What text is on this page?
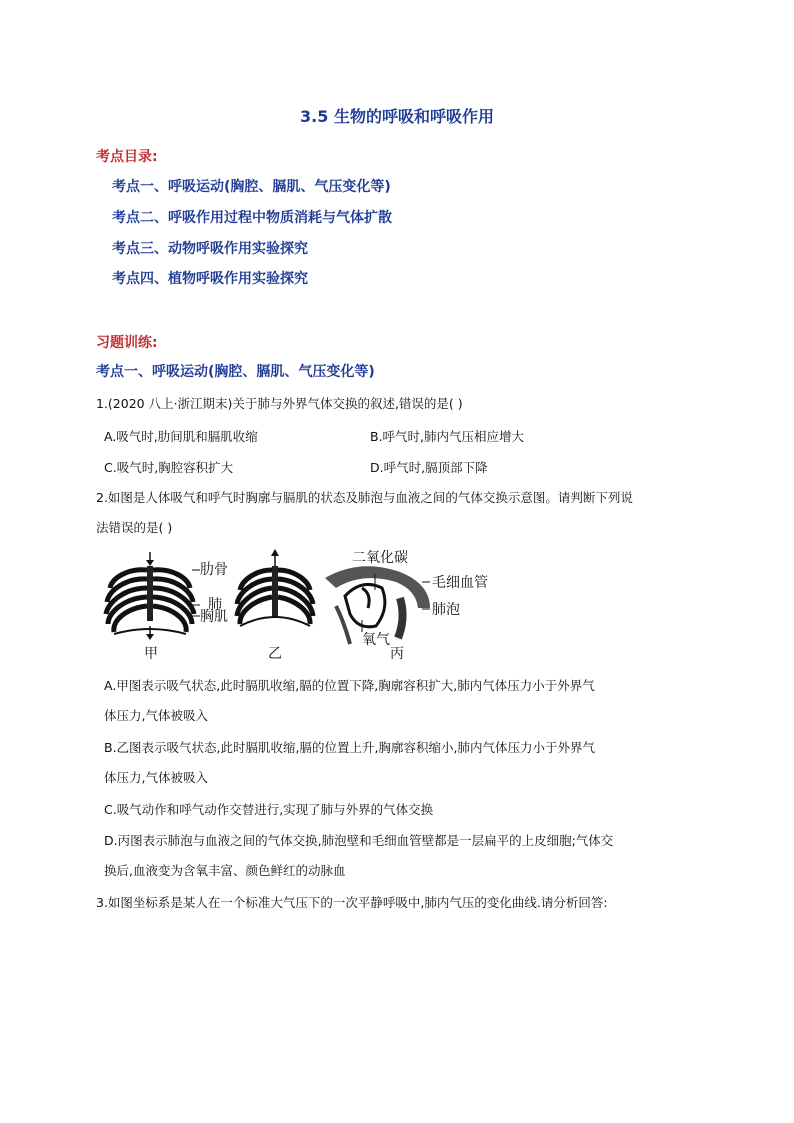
3.5 生物的呼吸和呼吸作用
考点目录:
考点一、呼吸运动(胸腔、膈肌、气压变化等)
考点二、呼吸作用过程中物质消耗与气体扩散
考点三、动物呼吸作用实验探究
考点四、植物呼吸作用实验探究
习题训练:
考点一、呼吸运动(胸腔、膈肌、气压变化等)
1.(2020 八上·浙江期末)关于肺与外界气体交换的叙述,错误的是( )
A.吸气时,肋间肌和膈肌收缩	B.呼气时,肺内气压相应增大
C.吸气时,胸腔容积扩大	D.呼气时,膈顶部下降
2.如图是人体吸气和呼气时胸廓与膈肌的状态及肺泡与血液之间的气体交换示意图。请判断下列说
法错误的是( )
肋骨
肺
胸肌
二氧化碳
毛细血管
肺泡
氧气
甲	乙	丙
A.甲图表示吸气状态,此时膈肌收缩,膈的位置下降,胸廓容积扩大,肺内气体压力小于外界气
体压力,气体被吸入
B.乙图表示吸气状态,此时膈肌收缩,膈的位置上升,胸廓容积缩小,肺内气体压力小于外界气
体压力,气体被吸入
C.吸气动作和呼气动作交替进行,实现了肺与外界的气体交换
D.丙图表示肺泡与血液之间的气体交换,肺泡壁和毛细血管壁都是一层扁平的上皮细胞;气体交
换后,血液变为含氧丰富、颜色鲜红的动脉血
3.如图坐标系是某人在一个标准大气压下的一次平静呼吸中,肺内气压的变化曲线.请分析回答:
